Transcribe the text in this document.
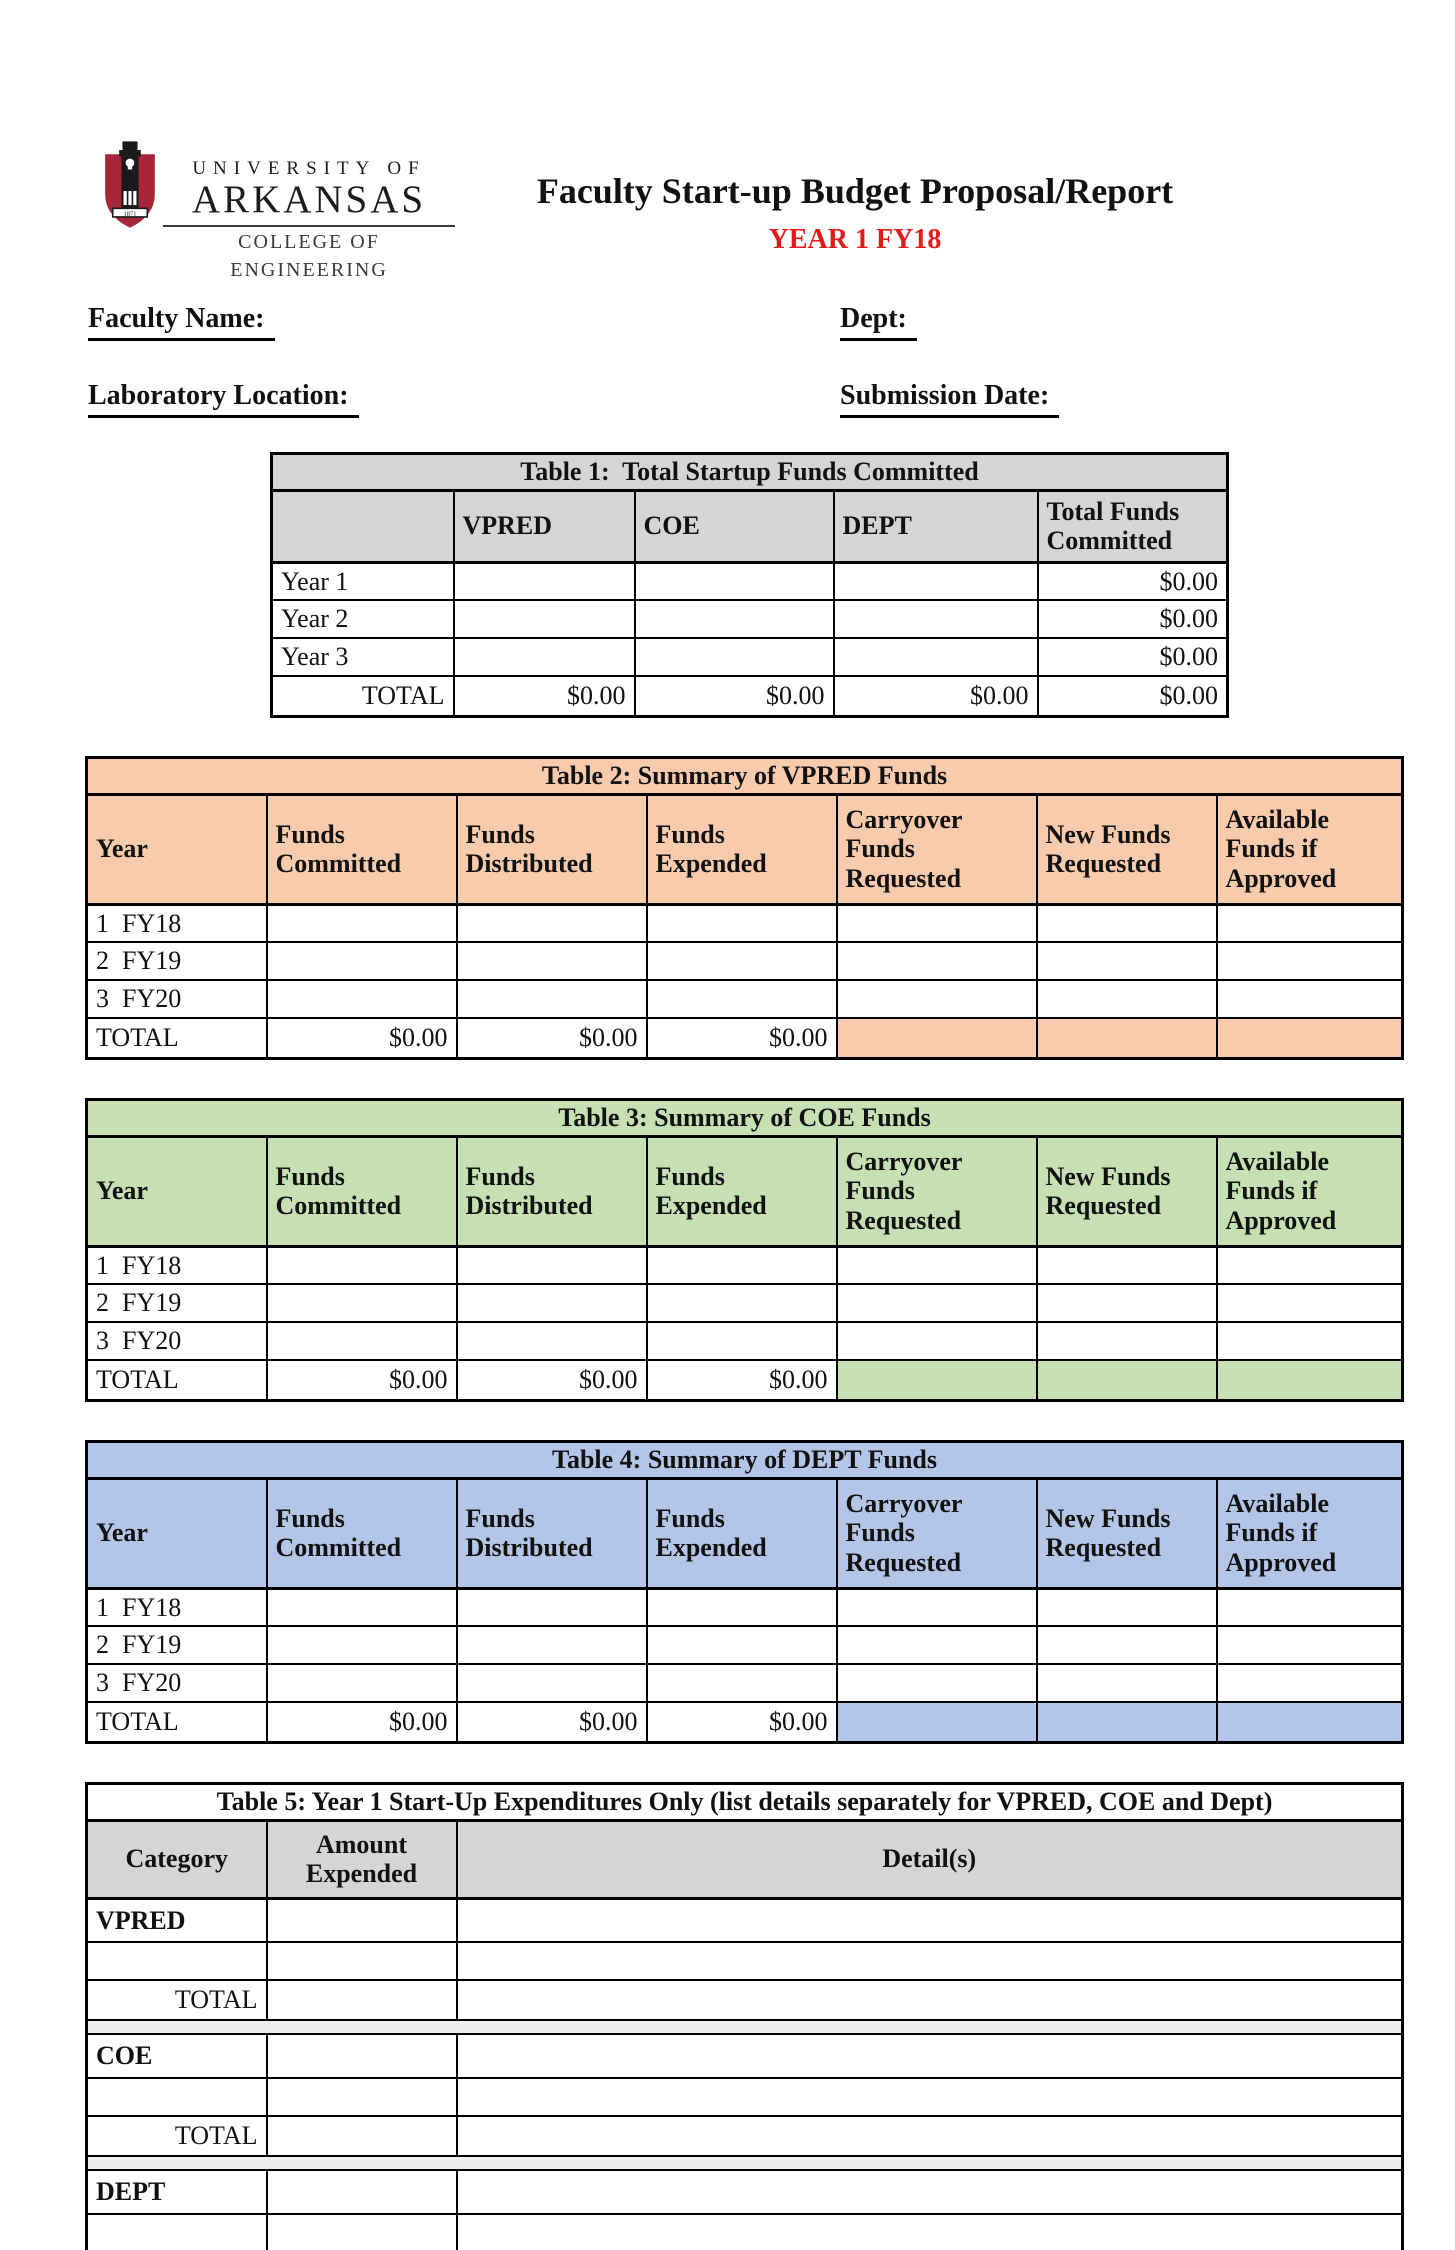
1871
UNIVERSITY OF
ARKANSAS
COLLEGE OF
ENGINEERING
Faculty Start-up Budget Proposal/Report
YEAR 1 FY18
Faculty Name:	Dept:
Laboratory Location:	Submission Date:
Table 1:  Total Startup Funds Committed				
	VPRED	COE	DEPT	Total Funds Committed
Year 1				$0.00
Year 2				$0.00
Year 3				$0.00
TOTAL	$0.00	$0.00	$0.00	$0.00
Table 2: Summary of VPRED Funds						
Year	Funds Committed	Funds Distributed	Funds Expended	Carryover Funds Requested	New Funds Requested	Available Funds if Approved
1  FY18						
2  FY19						
3  FY20						
TOTAL	$0.00	$0.00	$0.00			
Table 3: Summary of COE Funds						
Year	Funds Committed	Funds Distributed	Funds Expended	Carryover Funds Requested	New Funds Requested	Available Funds if Approved
1  FY18						
2  FY19						
3  FY20						
TOTAL	$0.00	$0.00	$0.00			
Table 4: Summary of DEPT Funds						
Year	Funds Committed	Funds Distributed	Funds Expended	Carryover Funds Requested	New Funds Requested	Available Funds if Approved
1  FY18						
2  FY19						
3  FY20						
TOTAL	$0.00	$0.00	$0.00			
Table 5: Year 1 Start-Up Expenditures Only (list details separately for VPRED, COE and Dept)		
Category	Amount Expended	Detail(s)
VPRED		

TOTAL		

COE		

TOTAL		

DEPT		
